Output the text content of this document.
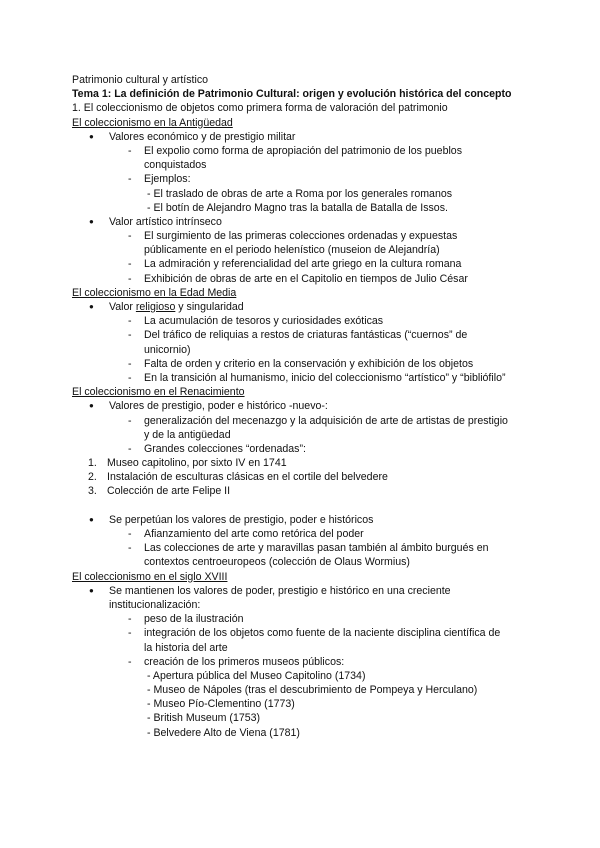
Patrimonio cultural y artístico
Tema 1: La definición de Patrimonio Cultural: origen y evolución histórica del concepto
1. El coleccionismo de objetos como primera forma de valoración del patrimonio
El coleccionismo en la Antigüedad
● Valores económico y de prestigio militar
- El expolio como forma de apropiación del patrimonio de los pueblos
conquistados
- Ejemplos:
- El traslado de obras de arte a Roma por los generales romanos
- El botín de Alejandro Magno tras la batalla de Batalla de Issos.
● Valor artístico intrínseco
- El surgimiento de las primeras colecciones ordenadas y expuestas
públicamente en el periodo helenístico (museion de Alejandría)
- La admiración y referencialidad del arte griego en la cultura romana
- Exhibición de obras de arte en el Capitolio en tiempos de Julio César
El coleccionismo en la Edad Media
● Valor religioso y singularidad
- La acumulación de tesoros y curiosidades exóticas
- Del tráfico de reliquias a restos de criaturas fantásticas (“cuernos” de
unicornio)
- Falta de orden y criterio en la conservación y exhibición de los objetos
- En la transición al humanismo, inicio del coleccionismo “artístico” y “bibliófilo”
El coleccionismo en el Renacimiento
● Valores de prestigio, poder e histórico -nuevo-:
- generalización del mecenazgo y la adquisición de arte de artistas de prestigio
y de la antigüedad
- Grandes colecciones “ordenadas”:
1. Museo capitolino, por sixto IV en 1741
2. Instalación de esculturas clásicas en el cortile del belvedere
3. Colección de arte Felipe II
● Se perpetúan los valores de prestigio, poder e históricos
- Afianzamiento del arte como retórica del poder
- Las colecciones de arte y maravillas pasan también al ámbito burgués en
contextos centroeuropeos (colección de Olaus Wormius)
El coleccionismo en el siglo XVIII
● Se mantienen los valores de poder, prestigio e histórico en una creciente
institucionalización:
- peso de la ilustración
- integración de los objetos como fuente de la naciente disciplina científica de
la historia del arte
- creación de los primeros museos públicos:
- Apertura pública del Museo Capitolino (1734)
- Museo de Nápoles (tras el descubrimiento de Pompeya y Herculano)
- Museo Pío-Clementino (1773)
- British Museum (1753)
- Belvedere Alto de Viena (1781)
